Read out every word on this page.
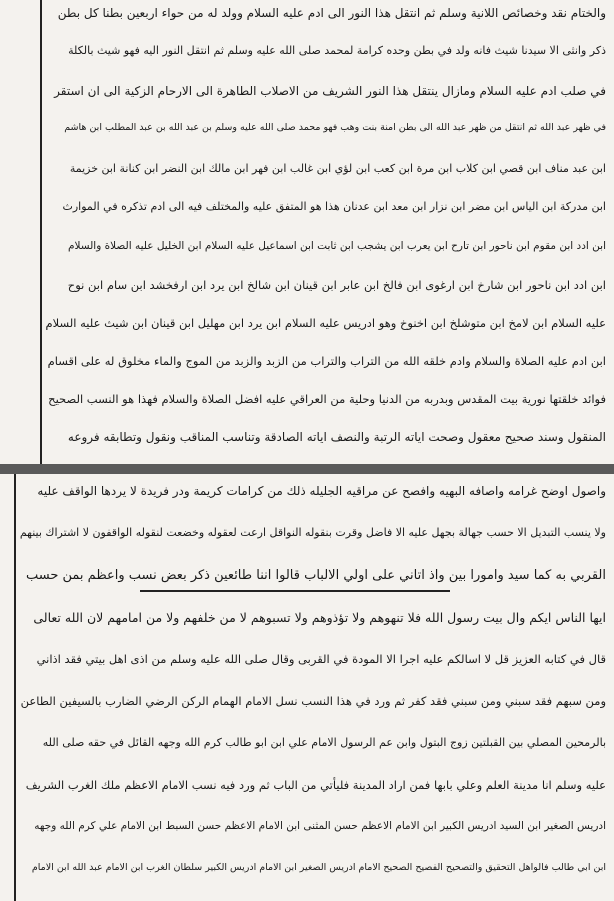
والختام نقد وخصائص اللانية وسلم ثم انتقل هذا النور الى ادم عليه السلام وولد له من حواء اربعين بطنا كل بطن
ذكر وانثى الا سيدنا شيث فانه ولد في بطن وحده كرامة لمحمد صلى الله عليه وسلم ثم انتقل النور اليه فهو شيث بالكلة
في صلب ادم عليه السلام ومازال ينتقل هذا النور الشريف من الاصلاب الطاهرة الى الارحام الزكية الى ان استقر
في ظهر عبد الله ثم انتقل من ظهر عبد الله الى بطن امنة بنت وهب فهو محمد صلى الله عليه وسلم بن عبد الله بن عبد المطلب ابن هاشم
ابن عبد مناف ابن قصي ابن كلاب ابن مرة ابن كعب ابن لؤي ابن غالب ابن فهر ابن مالك ابن النضر ابن كنانة ابن خزيمة
ابن مدركة ابن الياس ابن مضر ابن نزار ابن معد ابن عدنان هذا هو المتفق عليه والمختلف فيه الى ادم تذكره في الموارث
ابن ادد ابن مقوم ابن ناحور ابن تارح ابن يعرب ابن يشجب ابن ثابت ابن اسماعيل عليه السلام ابن الخليل عليه الصلاة والسلام
ابن ادد ابن ناحور ابن شارخ ابن ارغوى ابن فالخ ابن عابر ابن قينان ابن شالخ ابن يرد ابن ارفخشد ابن سام ابن نوح
عليه السلام ابن لامخ ابن متوشلخ ابن اخنوخ وهو ادريس عليه السلام ابن يرد ابن مهليل ابن قينان ابن شيث عليه السلام
ابن ادم عليه الصلاة والسلام وادم خلقه الله من التراب والتراب من الزبد والزبد من الموج والماء مخلوق له على اقسام
فوائد خلقتها نورية بيت المقدس وبدربه من الدنيا وحلية من العراقي عليه افضل الصلاة والسلام فهذا هو النسب الصحيح
المنقول وسند صحيح معقول وصحت اياته الرتبة والنصف اياته الصادقة وتناسب المناقب ونقول وتطابقه فروعه
واصول اوضح غرامه واصافه البهيه وافصح عن مراقيه الجليله ذلك من كرامات كريمة ودر فريدة لا يردها الواقف عليه
ولا ينسب التبديل الا حسب جهالة بجهل عليه الا فاضل وقرت بنقوله النواقل ارعت لعقوله وخضعت لنقوله الواقفون لا اشتراك بينهم
القربي به كما سيد وامورا بين واذ اتاني على اولي الالباب قالوا اننا طائعين ذكر بعض نسب واعظم بمن حسب
ايها الناس ايكم وال بيت رسول الله فلا تنهوهم ولا تؤذوهم ولا تسبوهم لا من خلفهم ولا من امامهم لان الله تعالى
قال في كتابه العزيز قل لا اسالكم عليه اجرا الا المودة في القربى وقال صلى الله عليه وسلم من اذى اهل بيتي فقد اذاني
ومن سبهم فقد سبني ومن سبني فقد كفر ثم ورد في هذا النسب نسل الامام الهمام الركن الرضي الضارب بالسيفين الطاعن
بالرمحين المصلي بين القبلتين زوج البتول وابن عم الرسول الامام علي ابن ابو طالب كرم الله وجهه القائل في حقه صلى الله
عليه وسلم انا مدينة العلم وعلي بابها فمن اراد المدينة فليأتي من الباب ثم ورد فيه نسب الامام الاعظم ملك الغرب الشريف
ادريس الصغير ابن السيد ادريس الكبير ابن الامام الاعظم حسن المثنى ابن الامام الاعظم حسن السبط ابن الامام علي كرم الله وجهه
ابن ابي طالب فالواهل التحقيق والتصحيح الفصيح الصحيح الامام ادريس الصغير ابن الامام ادريس الكبير سلطان الغرب ابن الامام عبد الله ابن الامام
